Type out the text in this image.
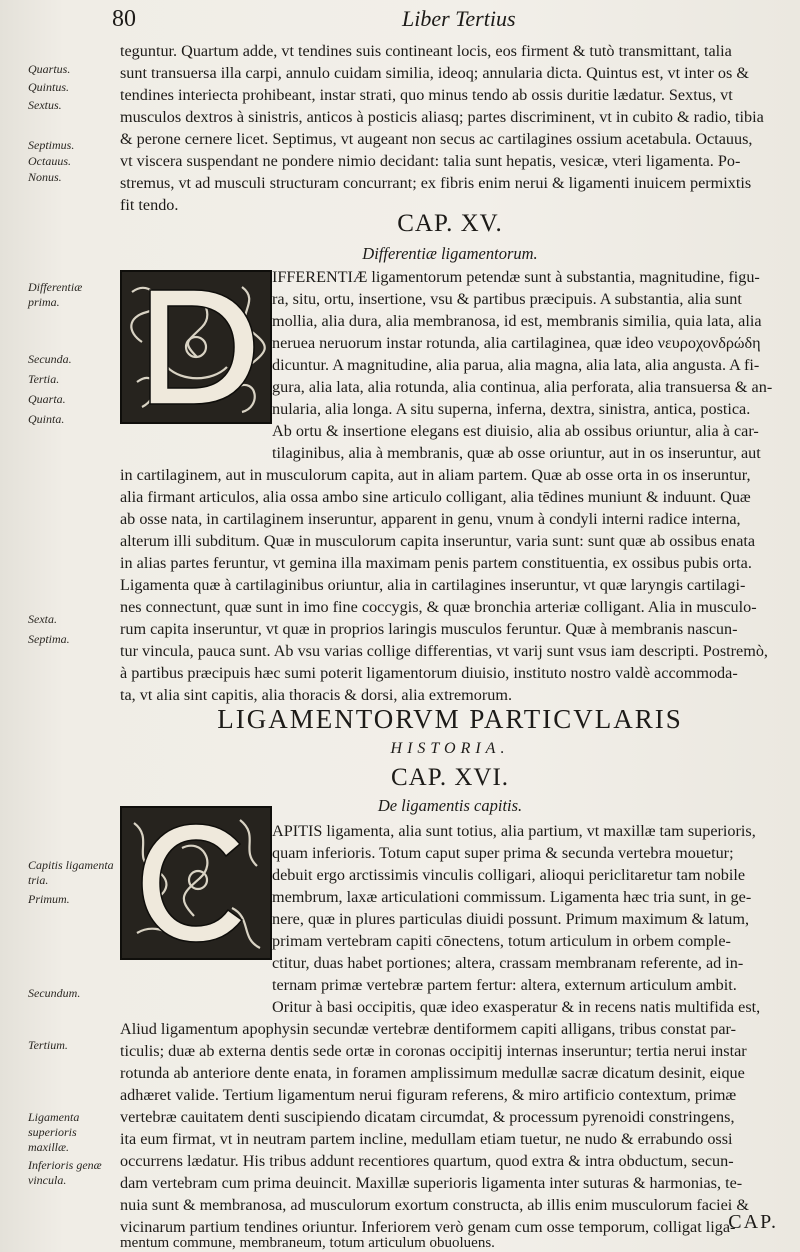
80	Liber Tertius
Quartus.
Quintus.
Sextus.
Septimus.
Octauus.
Nonus.
Differentiæ prima.
Secunda.
Tertia.
Quarta.
Quinta.
Sexta.
Septima.
Capitis ligamenta tria.
Primum.
Secundum.
Tertium.
Ligamenta superioris maxillæ.
Inferioris genæ vincula.
teguntur. Quartum adde, vt tendines suis contineant locis, eos firment & tutò transmittant, talia
sunt transuersa illa carpi, annulo cuidam similia, ideoq; annularia dicta. Quintus est, vt inter os &
tendines interiecta prohibeant, instar strati, quo minus tendo ab ossis duritie lædatur. Sextus, vt
musculos dextros à sinistris, anticos à posticis aliasq; partes discriminent, vt in cubito & radio, tibia
& perone cernere licet. Septimus, vt augeant non secus ac cartilagines ossium acetabula. Octauus,
vt viscera suspendant ne pondere nimio decidant: talia sunt hepatis, vesicæ, vteri ligamenta. Po-
stremus, vt ad musculi structuram concurrant; ex fibris enim nerui & ligamenti inuicem permixtis
fit tendo.
CAP. XV.
Differentiæ ligamentorum.
IFFERENTIÆ ligamentorum petendæ sunt à substantia, magnitudine, figu-
ra, situ, ortu, insertione, vsu & partibus præcipuis. A substantia, alia sunt
mollia, alia dura, alia membranosa, id est, membranis similia, quia lata, alia
neruea neruorum instar rotunda, alia cartilaginea, quæ ideo νευροχονδρώδη
dicuntur. A magnitudine, alia parua, alia magna, alia lata, alia angusta. A fi-
gura, alia lata, alia rotunda, alia continua, alia perforata, alia transuersa & an-
nularia, alia longa. A situ superna, inferna, dextra, sinistra, antica, postica.
Ab ortu & insertione elegans est diuisio, alia ab ossibus oriuntur, alia à car-
tilaginibus, alia à membranis, quæ ab osse oriuntur, aut in os inseruntur, aut
in cartilaginem, aut in musculorum capita, aut in aliam partem. Quæ ab osse orta in os inseruntur,
alia firmant articulos, alia ossa ambo sine articulo colligant, alia tēdines muniunt & induunt. Quæ
ab osse nata, in cartilaginem inseruntur, apparent in genu, vnum à condyli interni radice interna,
alterum illi subditum. Quæ in musculorum capita inseruntur, varia sunt: sunt quæ ab ossibus enata
in alias partes feruntur, vt gemina illa maximam penis partem constituentia, ex ossibus pubis orta.
Ligamenta quæ à cartilaginibus oriuntur, alia in cartilagines inseruntur, vt quæ laryngis cartilagi-
nes connectunt, quæ sunt in imo fine coccygis, & quæ bronchia arteriæ colligant. Alia in musculo-
rum capita inseruntur, vt quæ in proprios laringis musculos feruntur. Quæ à membranis nascun-
tur vincula, pauca sunt. Ab vsu varias collige differentias, vt varij sunt vsus iam descripti. Postremò,
à partibus præcipuis hæc sumi poterit ligamentorum diuisio, instituto nostro valdè accommoda-
ta, vt alia sint capitis, alia thoracis & dorsi, alia extremorum.
LIGAMENTORVM PARTICVLARIS
HISTORIA.
CAP. XVI.
De ligamentis capitis.
APITIS ligamenta, alia sunt totius, alia partium, vt maxillæ tam superioris,
quam inferioris. Totum caput super prima & secunda vertebra mouetur;
debuit ergo arctissimis vinculis colligari, alioqui periclitaretur tam nobile
membrum, laxæ articulationi commissum. Ligamenta hæc tria sunt, in ge-
nere, quæ in plures particulas diuidi possunt. Primum maximum & latum,
primam vertebram capiti cōnectens, totum articulum in orbem comple-
ctitur, duas habet portiones; altera, crassam membranam referente, ad in-
ternam primæ vertebræ partem fertur: altera, externum articulum ambit.
Oritur à basi occipitis, quæ ideo exasperatur & in recens natis multifida est,
Aliud ligamentum apophysin secundæ vertebræ dentiformem capiti alligans, tribus constat par-
ticulis; duæ ab externa dentis sede ortæ in coronas occipitij internas inseruntur; tertia nerui instar
rotunda ab anteriore dente enata, in foramen amplissimum medullæ sacræ dicatum desinit, eique
adhæret valide. Tertium ligamentum nerui figuram referens, & miro artificio contextum, primæ
vertebræ cauitatem denti suscipiendo dicatam circumdat, & processum pyrenoidi constringens,
ita eum firmat, vt in neutram partem incline, medullam etiam tuetur, ne nudo & errabundo ossi
occurrens lædatur. His tribus addunt recentiores quartum, quod extra & intra obductum, secun-
dam vertebram cum prima deuincit. Maxillæ superioris ligamenta inter suturas & harmonias, te-
nuia sunt & membranosa, ad musculorum exortum constructa, ab illis enim musculorum faciei &
vicinarum partium tendines oriuntur. Inferiorem verò genam cum osse temporum, colligat liga-
CAP.
mentum commune, membraneum, totum articulum obuoluens.
